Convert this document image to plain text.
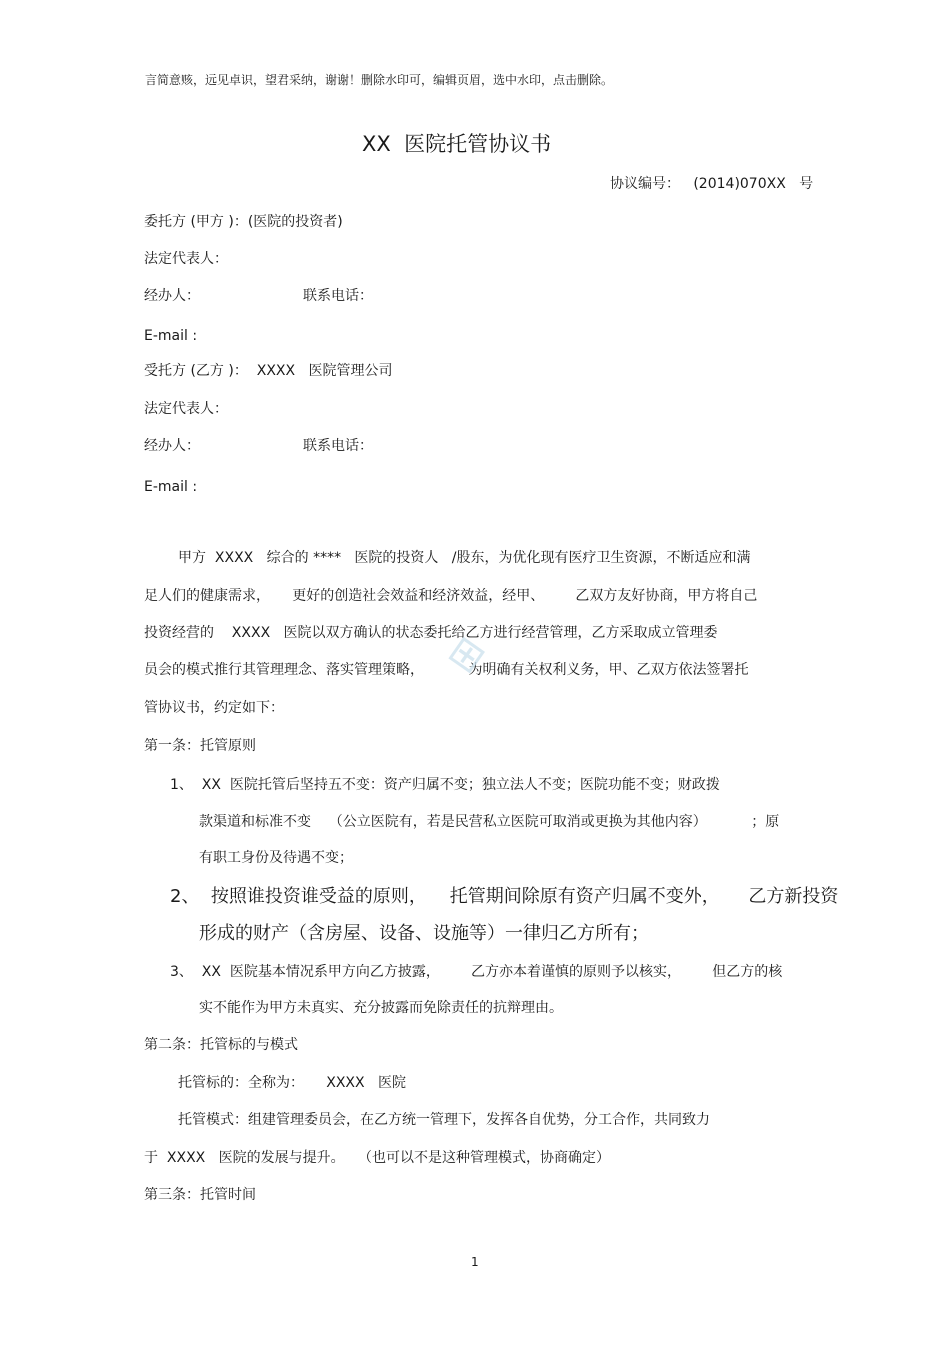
言简意赅，远见卓识，望君采纳，谢谢！删除水印可，编辑页眉，选中水印，点击删除。
XX  医院托管协议书
协议编号：   (2014)070XX   号
委托方 (甲方 )：(医院的投资者)
法定代表人：
经办人：	联系电话：
E-mail :
受托方 (乙方 )：  XXXX   医院管理公司
法定代表人：
经办人：	联系电话：
E-mail :
甲方  XXXX   综合的 ****   医院的投资人   /股东，为优化现有医疗卫生资源，不断适应和满
足人们的健康需求，     更好的创造社会效益和经济效益，经甲、       乙双方友好协商，甲方将自己
投资经营的    XXXX   医院以双方确认的状态委托给乙方进行经营管理，乙方采取成立管理委
员会的模式推行其管理理念、落实管理策略，          为明确有关权利义务，甲、乙双方依法签署托
管协议书，约定如下：
⊞
第一条：托管原则
1、  XX  医院托管后坚持五不变：资产归属不变；独立法人不变；医院功能不变；财政拨
款渠道和标准不变    （公立医院有，若是民营私立医院可取消或更换为其他内容）          ；原
有职工身份及待遇不变；
2、  按照谁投资谁受益的原则，    托管期间除原有资产归属不变外，     乙方新投资
形成的财产（含房屋、设备、设施等）一律归乙方所有；
3、  XX  医院基本情况系甲方向乙方披露，       乙方亦本着谨慎的原则予以核实，       但乙方的核
实不能作为甲方未真实、充分披露而免除责任的抗辩理由。
第二条：托管标的与模式
托管标的：全称为：     XXXX   医院
托管模式：组建管理委员会，在乙方统一管理下，发挥各自优势，分工合作，共同致力
于  XXXX   医院的发展与提升。   （也可以不是这种管理模式，协商确定）
第三条：托管时间
1
